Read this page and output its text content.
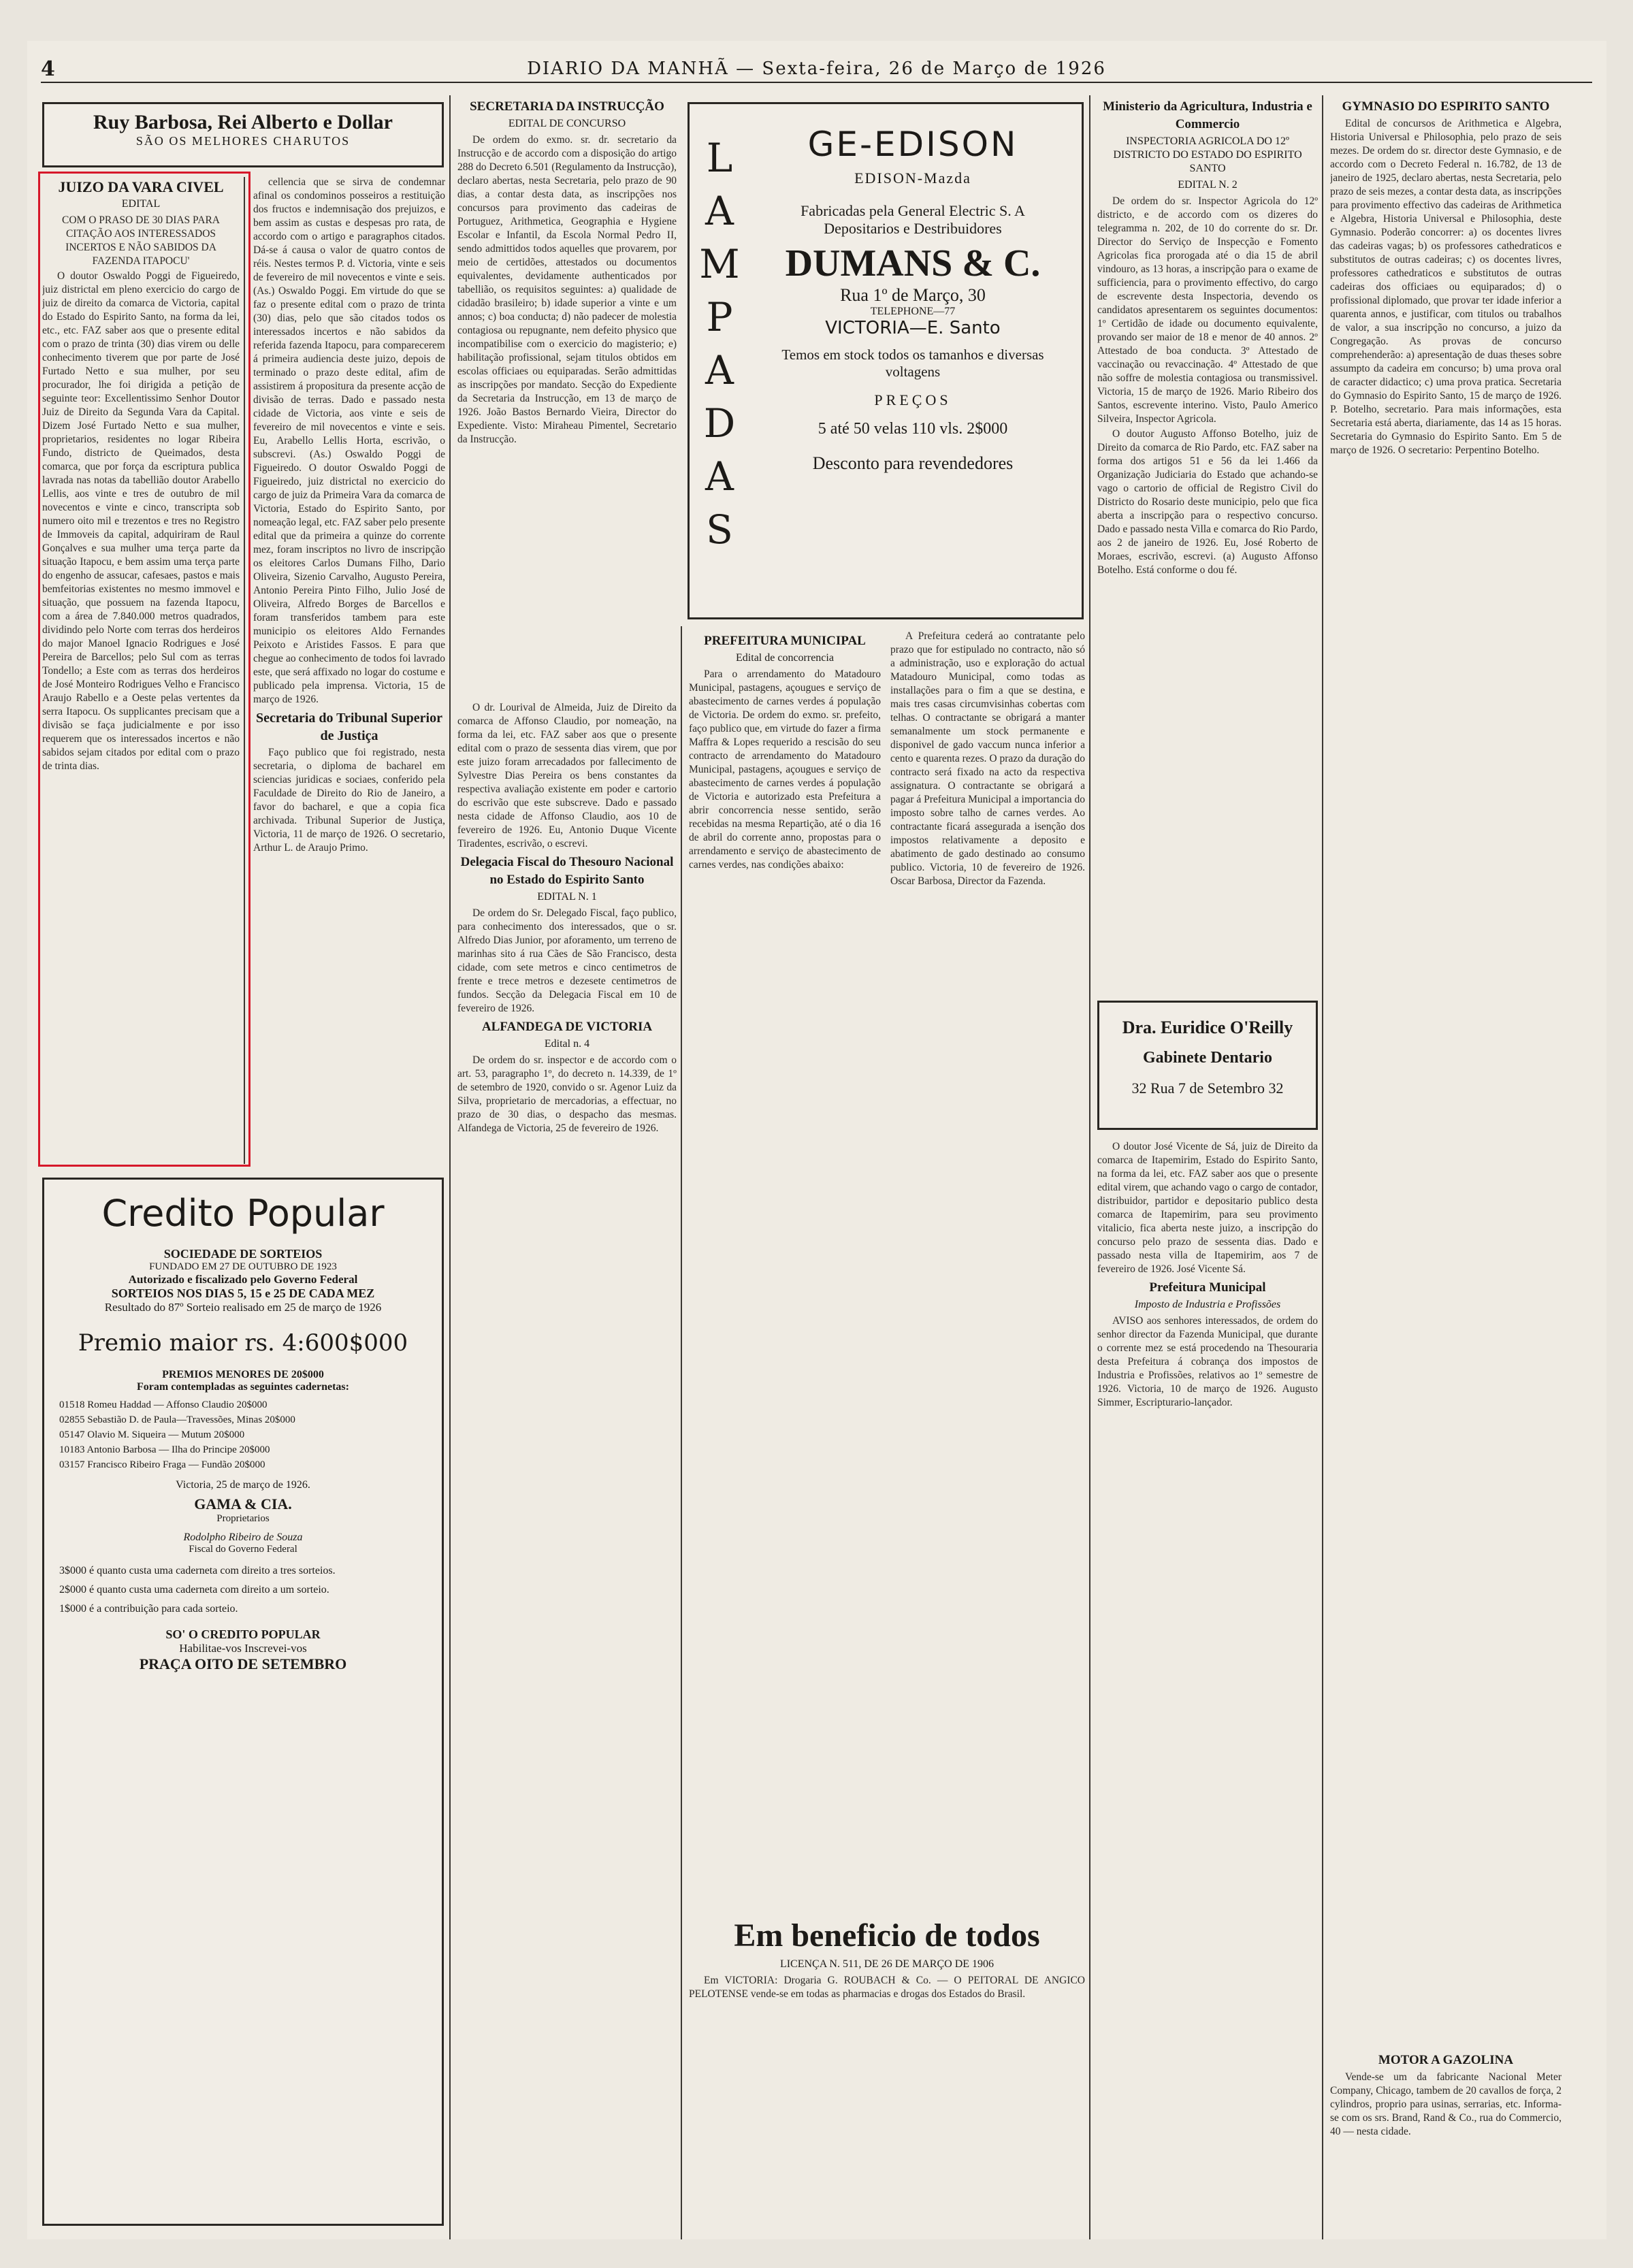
4	DIARIO DA MANHÃ — Sexta-feira, 26 de Março de 1926
Ruy Barbosa, Rei Alberto e Dollar
SÃO OS MELHORES CHARUTOS
JUIZO DA VARA CIVEL
EDITAL

COM O PRASO DE 30 DIAS PARA CITAÇÃO AOS INTERESSADOS INCERTOS E NÃO SABIDOS DA FAZENDA ITAPOCU'

O doutor Oswaldo Poggi de Figueiredo, juiz districtal em pleno exercicio do cargo de juiz de direito da comarca de Victoria, capital do Estado do Espirito Santo, na forma da lei, etc., etc. FAZ saber aos que o presente edital com o prazo de trinta (30) dias virem ou delle conhecimento tiverem que por parte de José Furtado Netto e sua mulher, por seu procurador, lhe foi dirigida a petição de seguinte teor: Excellentissimo Senhor Doutor Juiz de Direito da Segunda Vara da Capital. Dizem José Furtado Netto e sua mulher, proprietarios, residentes no logar Ribeira Fundo, districto de Queimados, desta comarca, que por força da escriptura publica lavrada nas notas da tabellião doutor Arabello Lellis, aos vinte e tres de outubro de mil novecentos e vinte e cinco, transcripta sob numero oito mil e trezentos e tres no Registro de Immoveis da capital, adquiriram de Raul Gonçalves e sua mulher uma terça parte da situação Itapocu, e bem assim uma terça parte do engenho de assucar, cafesaes, pastos e mais bemfeitorias existentes no mesmo immovel e situação, que possuem na fazenda Itapocu, com a área de 7.840.000 metros quadrados, dividindo pelo Norte com terras dos herdeiros do major Manoel Ignacio Rodrigues e José Pereira de Barcellos; pelo Sul com as terras Tondello; a Este com as terras dos herdeiros de José Monteiro Rodrigues Velho e Francisco Araujo Rabello e a Oeste pelas vertentes da serra Itapocu. Os supplicantes precisam que a divisão se faça judicialmente e por isso requerem que os interessados incertos e não sabidos sejam citados por edital com o prazo de trinta dias.

cellencia que se sirva de condemnar afinal os condominos posseiros a restituição dos fructos e indemnisação dos prejuizos, e bem assim as custas e despesas pro rata, de accordo com o artigo e paragraphos citados. Dá-se á causa o valor de quatro contos de réis. Nestes termos P. d. Victoria, vinte e seis de fevereiro de mil novecentos e vinte e seis. (As.) Oswaldo Poggi. Em virtude do que se faz o presente edital com o prazo de trinta (30) dias, pelo que são citados todos os interessados incertos e não sabidos da referida fazenda Itapocu, para comparecerem á primeira audiencia deste juizo, depois de terminado o prazo deste edital, afim de assistirem á propositura da presente acção de divisão de terras. Dado e passado nesta cidade de Victoria, aos vinte e seis de fevereiro de mil novecentos e vinte e seis. Eu, Arabello Lellis Horta, escrivão, o subscrevi. (As.) Oswaldo Poggi de Figueiredo. O doutor Oswaldo Poggi de Figueiredo, juiz districtal no exercicio do cargo de juiz da Primeira Vara da comarca de Victoria, Estado do Espirito Santo, por nomeação legal, etc. FAZ saber pelo presente edital que da primeira a quinze do corrente mez, foram inscriptos no livro de inscripção os eleitores Carlos Dumans Filho, Dario Oliveira, Sizenio Carvalho, Augusto Pereira, Antonio Pereira Pinto Filho, Julio José de Oliveira, Alfredo Borges de Barcellos e foram transferidos tambem para este municipio os eleitores Aldo Fernandes Peixoto e Aristides Fassos. E para que chegue ao conhecimento de todos foi lavrado este, que será affixado no logar do costume e publicado pela imprensa. Victoria, 15 de março de 1926.

Secretaria do Tribunal Superior de Justiça

Faço publico que foi registrado, nesta secretaria, o diploma de bacharel em sciencias juridicas e sociaes, conferido pela Faculdade de Direito do Rio de Janeiro, a favor do bacharel, e que a copia fica archivada. Tribunal Superior de Justiça, Victoria, 11 de março de 1926. O secretario, Arthur L. de Araujo Primo.

Credito Popular
SOCIEDADE DE SORTEIOS
FUNDADO EM 27 DE OUTUBRO DE 1923
Autorizado e fiscalizado pelo Governo Federal
SORTEIOS NOS DIAS 5, 15 e 25 DE CADA MEZ
Resultado do 87º Sorteio realisado em 25 de março de 1926
Premio maior rs. 4:600$000
PREMIOS MENORES DE 20$000
Foram contempladas as seguintes cadernetas:
01518 Romeu Haddad — Affonso Claudio 20$000
02855 Sebastião D. de Paula—Travessões, Minas 20$000
05147 Olavio M. Siqueira — Mutum 20$000
10183 Antonio Barbosa — Ilha do Principe 20$000
03157 Francisco Ribeiro Fraga — Fundão 20$000
Victoria, 25 de março de 1926.
GAMA & CIA.
Proprietarios
Rodolpho Ribeiro de Souza
Fiscal do Governo Federal
3$000 é quanto custa uma caderneta com direito a tres sorteios.
2$000 é quanto custa uma caderneta com direito a um sorteio.
1$000 é a contribuição para cada sorteio.
SO' O CREDITO POPULAR
Habilitae-vos Inscrevei-vos
PRAÇA OITO DE SETEMBRO
SECRETARIA DA INSTRUCÇÃO
EDITAL DE CONCURSO

De ordem do exmo. sr. dr. secretario da Instrucção e de accordo com a disposição do artigo 288 do Decreto 6.501 (Regulamento da Instrucção), declaro abertas, nesta Secretaria, pelo prazo de 90 dias, a contar desta data, as inscripções nos concursos para provimento das cadeiras de Portuguez, Arithmetica, Geographia e Hygiene Escolar e Infantil, da Escola Normal Pedro II, sendo admittidos todos aquelles que provarem, por meio de certidões, attestados ou documentos equivalentes, devidamente authenticados por tabellião, os requisitos seguintes: a) qualidade de cidadão brasileiro; b) idade superior a vinte e um annos; c) boa conducta; d) não padecer de molestia contagiosa ou repugnante, nem defeito physico que incompatibilise com o exercicio do magisterio; e) habilitação profissional, sejam titulos obtidos em escolas officiaes ou equiparadas. Serão admittidas as inscripções por mandato. Secção do Expediente da Secretaria da Instrucção, em 13 de março de 1926. João Bastos Bernardo Vieira, Director do Expediente. Visto: Miraheau Pimentel, Secretario da Instrucção.

L
A
M
P
A
D
A
S
GE-EDISON
EDISON-Mazda
Fabricadas pela General Electric S. A
Depositarios e Destribuidores
DUMANS & C.
Rua 1º de Março, 30
TELEPHONE—77
VICTORIA—E. Santo
Temos em stock todos os tamanhos e diversas voltagens
PREÇOS
5 até 50 velas 110 vls. 2$000
Desconto para revendedores

O dr. Lourival de Almeida, Juiz de Direito da comarca de Affonso Claudio, por nomeação, na forma da lei, etc. FAZ saber aos que o presente edital com o prazo de sessenta dias virem, que por este juizo foram arrecadados por fallecimento de Sylvestre Dias Pereira os bens constantes da respectiva avaliação existente em poder e cartorio do escrivão que este subscreve. Dado e passado nesta cidade de Affonso Claudio, aos 10 de fevereiro de 1926. Eu, Antonio Duque Vicente Tiradentes, escrivão, o escrevi.

Delegacia Fiscal do Thesouro Nacional no Estado do Espirito Santo
EDITAL N. 1

De ordem do Sr. Delegado Fiscal, faço publico, para conhecimento dos interessados, que o sr. Alfredo Dias Junior, por aforamento, um terreno de marinhas sito á rua Cães de São Francisco, desta cidade, com sete metros e cinco centimetros de frente e trece metros e dezesete centimetros de fundos. Secção da Delegacia Fiscal em 10 de fevereiro de 1926.

ALFANDEGA DE VICTORIA
Edital n. 4

De ordem do sr. inspector e de accordo com o art. 53, paragrapho 1º, do decreto n. 14.339, de 1º de setembro de 1920, convido o sr. Agenor Luiz da Silva, proprietario de mercadorias, a effectuar, no prazo de 30 dias, o despacho das mesmas. Alfandega de Victoria, 25 de fevereiro de 1926.

PREFEITURA MUNICIPAL
Edital de concorrencia

Para o arrendamento do Matadouro Municipal, pastagens, açougues e serviço de abastecimento de carnes verdes á população de Victoria. De ordem do exmo. sr. prefeito, faço publico que, em virtude do fazer a firma Maffra & Lopes requerido a rescisão do seu contracto de arrendamento do Matadouro Municipal, pastagens, açougues e serviço de abastecimento de carnes verdes á população de Victoria e autorizado esta Prefeitura a abrir concorrencia nesse sentido, serão recebidas na mesma Repartição, até o dia 16 de abril do corrente anno, propostas para o arrendamento e serviço de abastecimento de carnes verdes, nas condições abaixo:

A Prefeitura cederá ao contratante pelo prazo que for estipulado no contracto, não só a administração, uso e exploração do actual Matadouro Municipal, como todas as installações para o fim a que se destina, e mais tres casas circumvisinhas cobertas com telhas. O contractante se obrigará a manter semanalmente um stock permanente e disponivel de gado vaccum nunca inferior a cento e quarenta rezes. O prazo da duração do contracto será fixado na acto da respectiva assignatura. O contractante se obrigará a pagar á Prefeitura Municipal a importancia do imposto sobre talho de carnes verdes. Ao contractante ficará assegurada a isenção dos impostos relativamente a deposito e abatimento de gado destinado ao consumo publico. Victoria, 10 de fevereiro de 1926. Oscar Barbosa, Director da Fazenda.

Em beneficio de todos
LICENÇA N. 511, DE 26 DE MARÇO DE 1906

Em VICTORIA: Drogaria G. ROUBACH & Co. — O PEITORAL DE ANGICO PELOTENSE vende-se em todas as pharmacias e drogas dos Estados do Brasil.

Ministerio da Agricultura, Industria e Commercio
INSPECTORIA AGRICOLA DO 12º DISTRICTO DO ESTADO DO ESPIRITO SANTO
EDITAL N. 2

De ordem do sr. Inspector Agricola do 12º districto, e de accordo com os dizeres do telegramma n. 202, de 10 do corrente do sr. Dr. Director do Serviço de Inspecção e Fomento Agricolas fica prorogada até o dia 15 de abril vindouro, as 13 horas, a inscripção para o exame de sufficiencia, para o provimento effectivo, do cargo de escrevente desta Inspectoria, devendo os candidatos apresentarem os seguintes documentos: 1º Certidão de idade ou documento equivalente, provando ser maior de 18 e menor de 40 annos. 2º Attestado de boa conducta. 3º Attestado de vaccinação ou revaccinação. 4º Attestado de que não soffre de molestia contagiosa ou transmissivel. Victoria, 15 de março de 1926. Mario Ribeiro dos Santos, escrevente interino. Visto, Paulo Americo Silveira, Inspector Agricola.

O doutor Augusto Affonso Botelho, juiz de Direito da comarca de Rio Pardo, etc. FAZ saber na forma dos artigos 51 e 56 da lei 1.466 da Organização Judiciaria do Estado que achando-se vago o cartorio de official de Registro Civil do Districto do Rosario deste municipio, pelo que fica aberta a inscripção para o respectivo concurso. Dado e passado nesta Villa e comarca do Rio Pardo, aos 2 de janeiro de 1926. Eu, José Roberto de Moraes, escrivão, escrevi. (a) Augusto Affonso Botelho. Está conforme o dou fé.

Dra. Euridice O'Reilly
Gabinete Dentario
32 Rua 7 de Setembro 32

O doutor José Vicente de Sá, juiz de Direito da comarca de Itapemirim, Estado do Espirito Santo, na forma da lei, etc. FAZ saber aos que o presente edital virem, que achando vago o cargo de contador, distribuidor, partidor e depositario publico desta comarca de Itapemirim, para seu provimento vitalicio, fica aberta neste juizo, a inscripção do concurso pelo prazo de sessenta dias. Dado e passado nesta villa de Itapemirim, aos 7 de fevereiro de 1926. José Vicente Sá.

Prefeitura Municipal
Imposto de Industria e Profissões

AVISO aos senhores interessados, de ordem do senhor director da Fazenda Municipal, que durante o corrente mez se está procedendo na Thesouraria desta Prefeitura á cobrança dos impostos de Industria e Profissões, relativos ao 1º semestre de 1926. Victoria, 10 de março de 1926. Augusto Simmer, Escripturario-lançador.

GYMNASIO DO ESPIRITO SANTO

Edital de concursos de Arithmetica e Algebra, Historia Universal e Philosophia, pelo prazo de seis mezes. De ordem do sr. director deste Gymnasio, e de accordo com o Decreto Federal n. 16.782, de 13 de janeiro de 1925, declaro abertas, nesta Secretaria, pelo prazo de seis mezes, a contar desta data, as inscripções para provimento effectivo das cadeiras de Arithmetica e Algebra, Historia Universal e Philosophia, deste Gymnasio. Poderão concorrer: a) os docentes livres das cadeiras vagas; b) os professores cathedraticos e substitutos de outras cadeiras; c) os docentes livres, professores cathedraticos e substitutos de outras cadeiras dos officiaes ou equiparados; d) o profissional diplomado, que provar ter idade inferior a quarenta annos, e justificar, com titulos ou trabalhos de valor, a sua inscripção no concurso, a juizo da Congregação. As provas de concurso comprehenderão: a) apresentação de duas theses sobre assumpto da cadeira em concurso; b) uma prova oral de caracter didactico; c) uma prova pratica. Secretaria do Gymnasio do Espirito Santo, 15 de março de 1926. P. Botelho, secretario. Para mais informações, esta Secretaria está aberta, diariamente, das 14 as 15 horas. Secretaria do Gymnasio do Espirito Santo. Em 5 de março de 1926. O secretario: Perpentino Botelho.

MOTOR A GAZOLINA

Vende-se um da fabricante Nacional Meter Company, Chicago, tambem de 20 cavallos de força, 2 cylindros, proprio para usinas, serrarias, etc. Informa-se com os srs. Brand, Rand & Co., rua do Commercio, 40 — nesta cidade.
